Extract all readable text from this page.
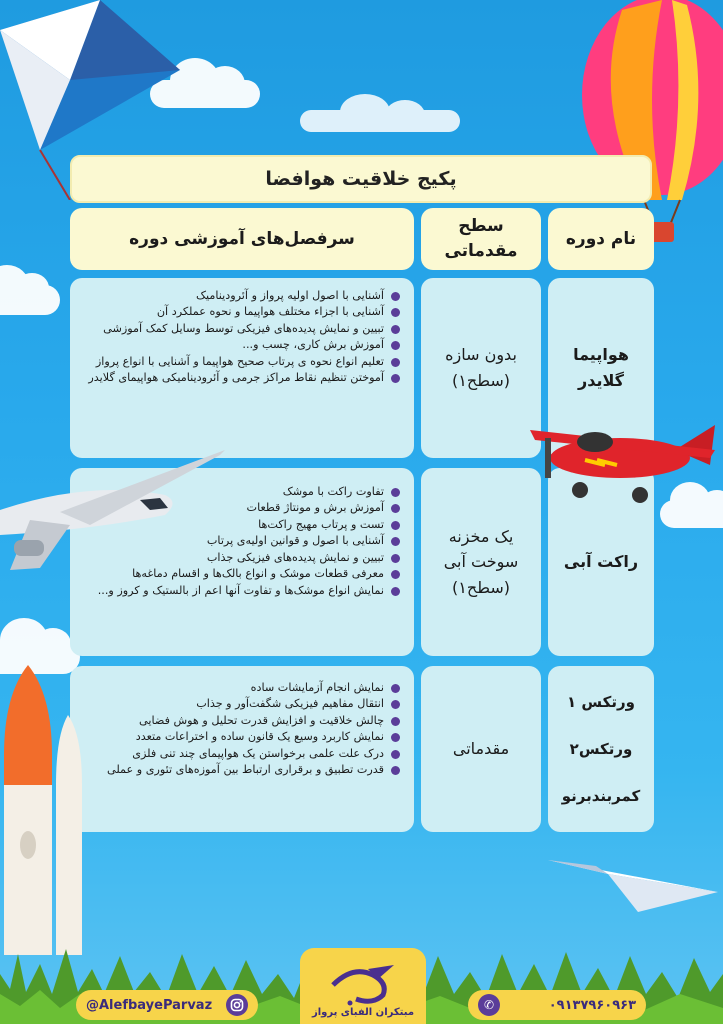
پکیج خلاقیت هوافضا
نام دوره
سطح
مقدماتی
سرفصل‌های آموزشی دوره
هواپیما
گلایدر
بدون سازه
(سطح۱)
آشنایی با اصول اولیه پرواز و آئرودینامیک
آشنایی با اجزاء مختلف هواپیما و نحوه عملکرد آن
تبیین و نمایش پدیده‌های فیزیکی توسط وسایل کمک آموزشی
آموزش برش کاری، چسب و...
تعلیم انواع نحوه ی پرتاب صحیح هواپیما و آشنایی با انواع پرواز
آموختن تنظیم نقاط مراکز جرمی و آئرودینامیکی هواپیمای گلایدر
راکت آبی
یک مخزنه
سوخت آبی
(سطح۱)
تفاوت راکت با موشک
آموزش برش و مونتاژ قطعات
تست و پرتاب مهیج راکت‌ها
آشنایی با اصول و قوانین اولیه‌ی پرتاب
تبیین و نمایش پدیده‌های فیزیکی جذاب
معرفی قطعات موشک و انواع بالک‌ها و اقسام دماغه‌ها
نمایش انواع موشک‌ها و تفاوت آنها اعم از بالستیک و کروز و...
ورتکس ۱
ورتکس۲
کمربندبرنو
مقدماتی
نمایش انجام آزمایشات ساده
انتقال مفاهیم فیزیکی شگفت‌آور و جذاب
چالش خلاقیت و افزایش قدرت تحلیل و هوش فضایی
نمایش کاربرد وسیع یک قانون ساده و اختراعات متعدد
درک علت علمی برخواستن یک هواپیمای چند تنی فلزی
قدرت تطبیق و برقراری ارتباط بین آموزه‌های تئوری و عملی
مبتکران الفبای پرواز
@AlefbayeParvaz	✆	۰۹۱۳۷۹۶۰۹۶۳
